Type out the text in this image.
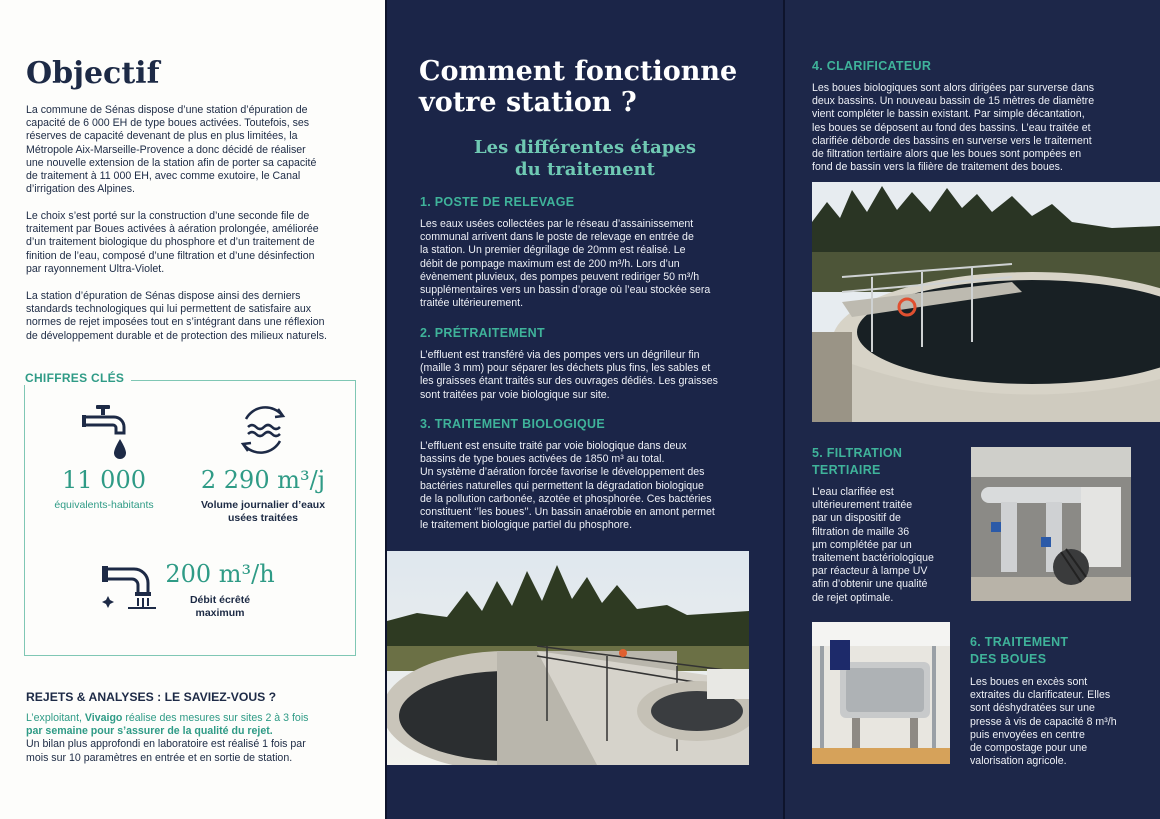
Objectif
La commune de Sénas dispose d’une station d’épuration de
capacité de 6 000 EH de type boues activées. Toutefois, ses
réserves de capacité devenant de plus en plus limitées, la
Métropole Aix-Marseille-Provence a donc décidé de réaliser
une nouvelle extension de la station afin de porter sa capacité
de traitement à 11 000 EH, avec comme exutoire, le Canal
d’irrigation des Alpines.
Le choix s’est porté sur la construction d’une seconde file de
traitement par Boues activées à aération prolongée, améliorée
d’un traitement biologique du phosphore et d’un traitement de
finition de l’eau, composé d’une filtration et d’une désinfection
par rayonnement Ultra-Violet.
La station d’épuration de Sénas dispose ainsi des derniers
standards technologiques qui lui permettent de satisfaire aux
normes de rejet imposées tout en s’intégrant dans une réflexion
de développement durable et de protection des milieux naturels.
CHIFFRES CLÉS
11 000
équivalents-habitants
2 290 m³/j
Volume journalier d’eaux
usées traitées
200 m³/h
Débit écrêté
maximum
REJETS & ANALYSES : LE SAVIEZ-VOUS ?
L’exploitant, Vivaigo réalise des mesures sur sites 2 à 3 fois
par semaine pour s’assurer de la qualité du rejet.
Un bilan plus approfondi en laboratoire est réalisé 1 fois par
mois sur 10 paramètres en entrée et en sortie de station.
Comment fonctionne
votre station ?
Les différentes étapes
du traitement
1. POSTE DE RELEVAGE
Les eaux usées collectées par le réseau d’assainissement
communal arrivent dans le poste de relevage en entrée de
la station. Un premier dégrillage de 20mm est réalisé. Le
débit de pompage maximum est de 200 m³/h. Lors d’un
évènement pluvieux, des pompes peuvent rediriger 50 m³/h
supplémentaires vers un bassin d’orage où l’eau stockée sera
traitée ultérieurement.
2. PRÉTRAITEMENT
L’effluent est transféré via des pompes vers un dégrilleur fin
(maille 3 mm) pour séparer les déchets plus fins, les sables et
les graisses étant traités sur des ouvrages dédiés. Les graisses
sont traitées par voie biologique sur site.
3. TRAITEMENT BIOLOGIQUE
L’effluent est ensuite traité par voie biologique dans deux
bassins de type boues activées de 1850 m³ au total.
Un système d’aération forcée favorise le développement des
bactéries naturelles qui permettent la dégradation biologique
de la pollution carbonée, azotée et phosphorée. Ces bactéries
constituent ‘’les boues’’. Un bassin anaérobie en amont permet
le traitement biologique partiel du phosphore.
4. CLARIFICATEUR
Les boues biologiques sont alors dirigées par surverse dans
deux bassins. Un nouveau bassin de 15 mètres de diamètre
vient compléter le bassin existant. Par simple décantation,
les boues se déposent au fond des bassins. L’eau traitée et
clarifiée déborde des bassins en surverse vers le traitement
de filtration tertiaire alors que les boues sont pompées en
fond de bassin vers la filière de traitement des boues.
5. FILTRATION
TERTIAIRE
L’eau clarifiée est
ultérieurement traitée
par un dispositif de
filtration de maille 36
µm complétée par un
traitement bactériologique
par réacteur à lampe UV
afin d’obtenir une qualité
de rejet optimale.
6. TRAITEMENT
DES BOUES
Les boues en excès sont
extraites du clarificateur. Elles
sont déshydratées sur une
presse à vis de capacité 8 m³/h
puis envoyées en centre
de compostage pour une
valorisation agricole.
